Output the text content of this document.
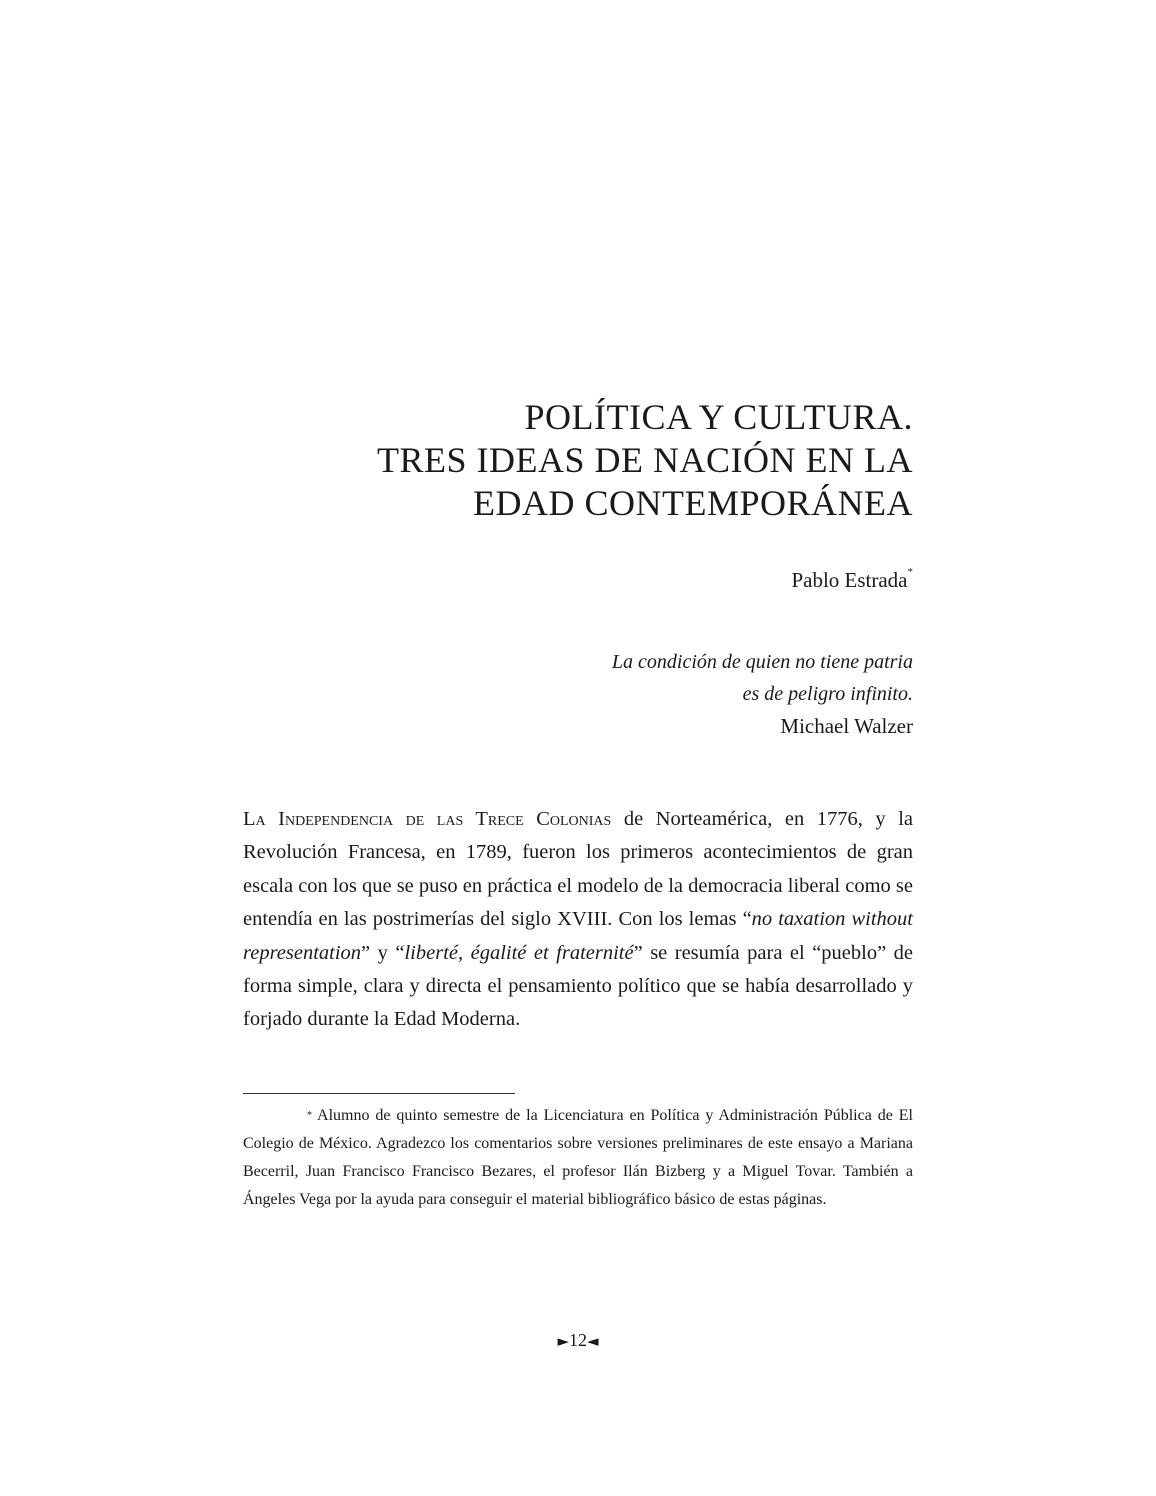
POLÍTICA Y CULTURA.
TRES IDEAS DE NACIÓN EN LA
EDAD CONTEMPORÁNEA
Pablo Estrada*
La condición de quien no tiene patria
es de peligro infinito.
Michael Walzer
La Independencia de las Trece Colonias de Norteamérica, en 1776, y la Revolución Francesa, en 1789, fueron los primeros acontecimientos de gran escala con los que se puso en práctica el modelo de la democracia liberal como se entendía en las postrimerías del siglo XVIII. Con los lemas “no taxation without representation” y “liberté, égalité et fraternité” se resumía para el “pueblo” de forma simple, clara y directa el pensamiento político que se había desarrollado y forjado durante la Edad Moderna.
* Alumno de quinto semestre de la Licenciatura en Política y Administración Pública de El Colegio de México. Agradezco los comentarios sobre versiones preliminares de este ensayo a Mariana Becerril, Juan Francisco Francisco Bezares, el profesor Ilán Bizberg y a Miguel Tovar. También a Ángeles Vega por la ayuda para conseguir el material bibliográfico básico de estas páginas.
►12◄
